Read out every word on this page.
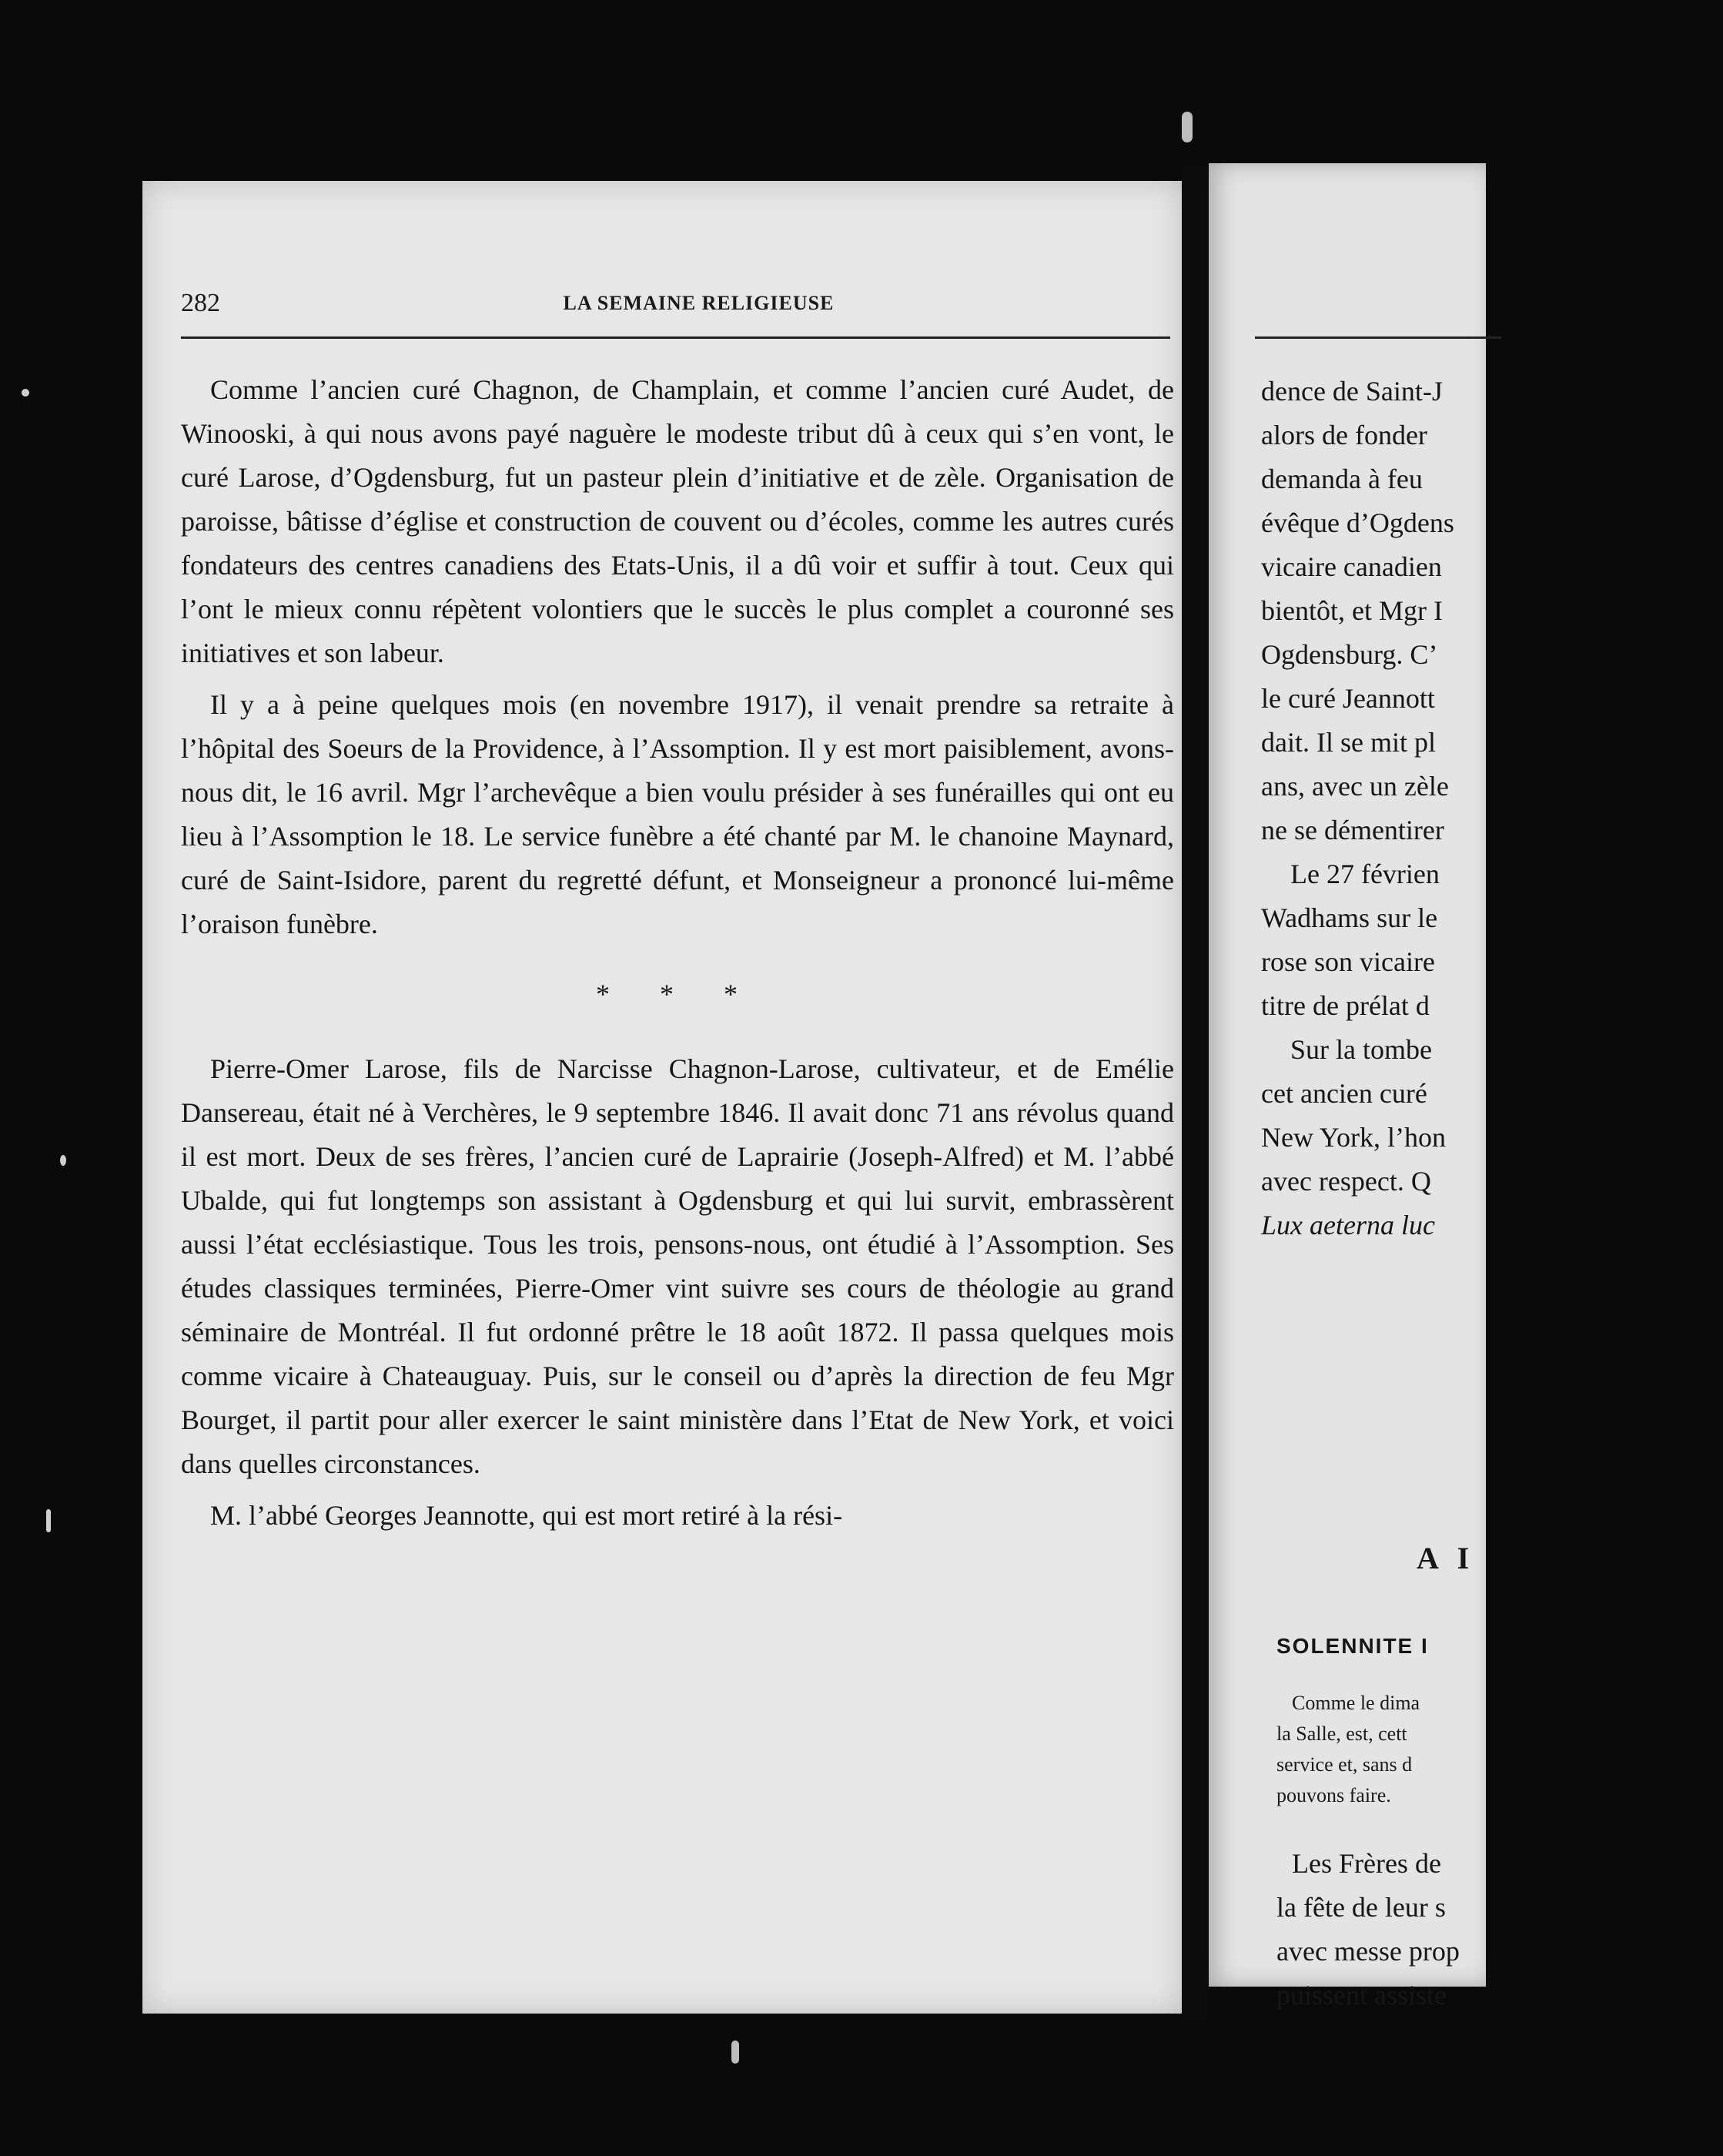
282	LA SEMAINE RELIGIEUSE

Comme l’ancien curé Chagnon, de Champlain, et comme l’ancien curé Audet, de Winooski, à qui nous avons payé naguère le modeste tribut dû à ceux qui s’en vont, le curé Larose, d’Ogdensburg, fut un pasteur plein d’initiative et de zèle. Organisation de paroisse, bâtisse d’église et construction de couvent ou d’écoles, comme les autres curés fondateurs des centres canadiens des Etats-Unis, il a dû voir et suffir à tout. Ceux qui l’ont le mieux connu répètent volontiers que le succès le plus complet a couronné ses initiatives et son labeur.

Il y a à peine quelques mois (en novembre 1917), il venait prendre sa retraite à l’hôpital des Soeurs de la Providence, à l’Assomption. Il y est mort paisiblement, avons-nous dit, le 16 avril. Mgr l’archevêque a bien voulu présider à ses funérailles qui ont eu lieu à l’Assomption le 18. Le service funèbre a été chanté par M. le chanoine Maynard, curé de Saint-Isidore, parent du regretté défunt, et Monseigneur a prononcé lui-même l’oraison funèbre.

* * *

Pierre-Omer Larose, fils de Narcisse Chagnon-Larose, cultivateur, et de Emélie Dansereau, était né à Verchères, le 9 septembre 1846. Il avait donc 71 ans révolus quand il est mort. Deux de ses frères, l’ancien curé de Laprairie (Joseph-Alfred) et M. l’abbé Ubalde, qui fut longtemps son assistant à Ogdensburg et qui lui survit, embrassèrent aussi l’état ecclésiastique. Tous les trois, pensons-nous, ont étudié à l’Assomption. Ses études classiques terminées, Pierre-Omer vint suivre ses cours de théologie au grand séminaire de Montréal. Il fut ordonné prêtre le 18 août 1872. Il passa quelques mois comme vicaire à Chateauguay. Puis, sur le conseil ou d’après la direction de feu Mgr Bourget, il partit pour aller exercer le saint ministère dans l’Etat de New York, et voici dans quelles circonstances.

M. l’abbé Georges Jeannotte, qui est mort retiré à la rési-

dence de Saint-J
alors de fonder
demanda à feu
évêque d’Ogdens
vicaire canadien
bientôt, et Mgr I
Ogdensburg. C’
le curé Jeannott
dait. Il se mit pl
ans, avec un zèle
ne se démentirer
Le 27 févrien
Wadhams sur le
rose son vicaire
titre de prélat d
Sur la tombe
cet ancien curé
New York, l’hon
avec respect. Q
Lux aeterna luc
A I
SOLENNITE I
Comme le dima
la Salle, est, cett
service et, sans d
pouvons faire.
Les Frères de
la fête de leur s
avec messe prop
puissent assiste
